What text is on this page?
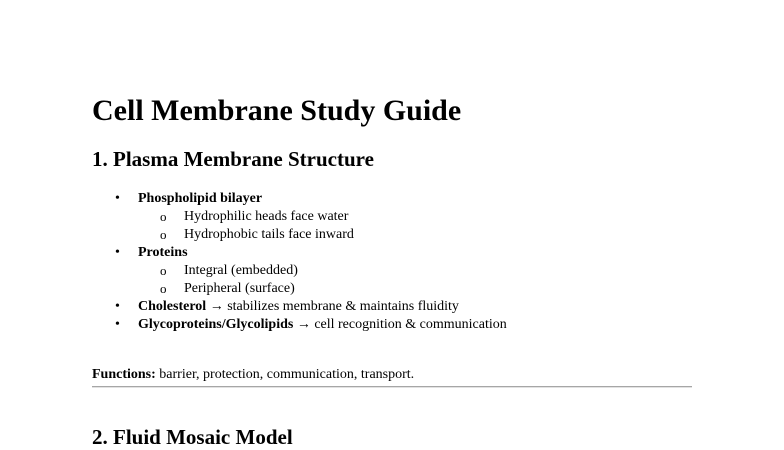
Cell Membrane Study Guide
1. Plasma Membrane Structure
• Phospholipid bilayer
o Hydrophilic heads face water
o Hydrophobic tails face inward
• Proteins
o Integral (embedded)
o Peripheral (surface)
• Cholesterol → stabilizes membrane & maintains fluidity
• Glycoproteins/Glycolipids → cell recognition & communication

Functions: barrier, protection, communication, transport.

2. Fluid Mosaic Model
